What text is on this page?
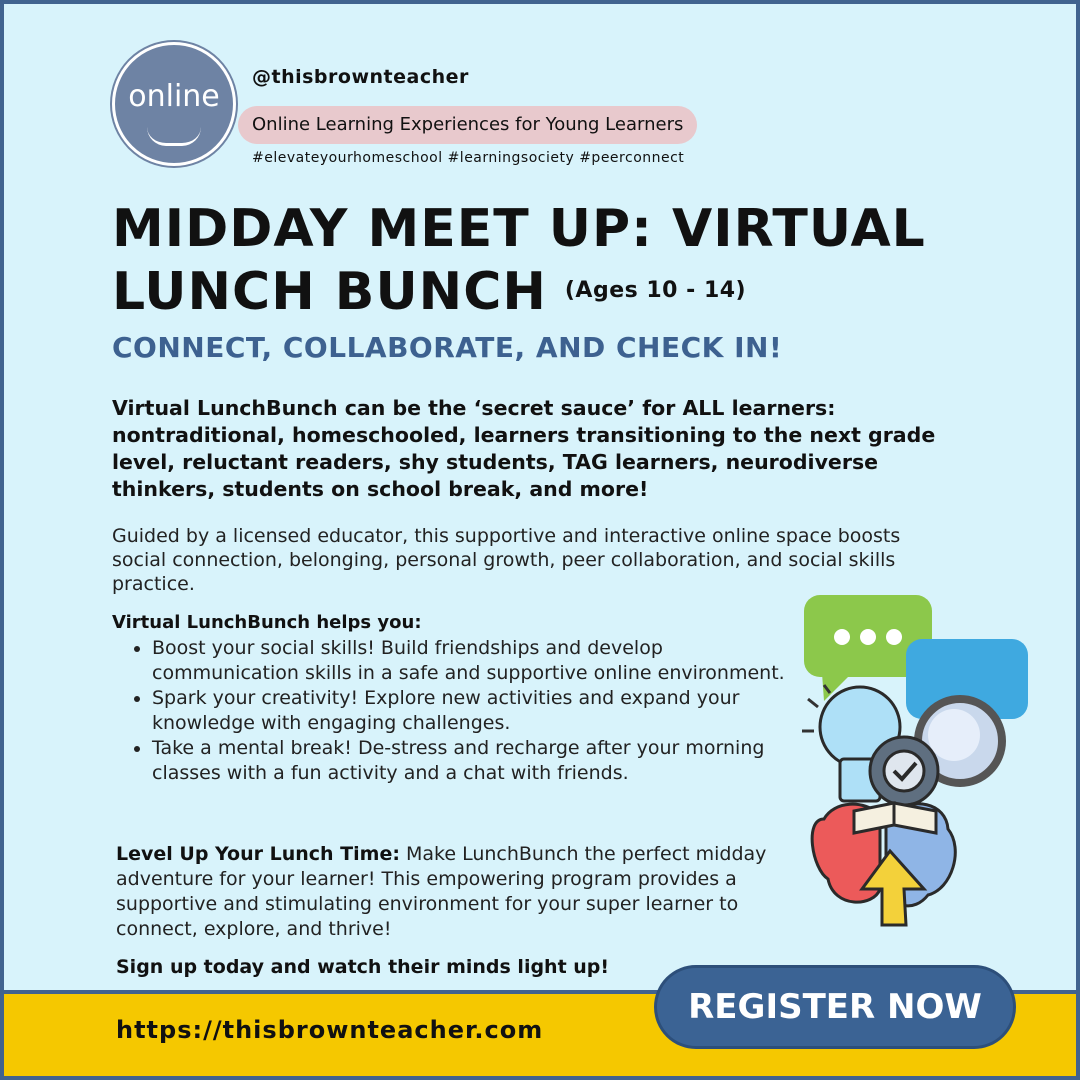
online
@thisbrownteacher
Online Learning Experiences for Young Learners
#elevateyourhomeschool #learningsociety #peerconnect
MIDDAY MEET UP: VIRTUAL
LUNCH BUNCH $^{(Ages 10 - 14)}$
CONNECT, COLLABORATE, AND CHECK IN!
Virtual LunchBunch can be the ‘secret sauce’ for ALL learners: nontraditional, homeschooled, learners transitioning to the next grade level, reluctant readers, shy students, TAG learners, neurodiverse thinkers, students on school break, and more!
Guided by a licensed educator, this supportive and interactive online space boosts social connection, belonging, personal growth, peer collaboration, and social skills practice.
Virtual LunchBunch helps you:
• Boost your social skills! Build friendships and develop communication skills in a safe and supportive online environment.
• Spark your creativity! Explore new activities and expand your knowledge with engaging challenges.
• Take a mental break! De-stress and recharge after your morning classes with a fun activity and a chat with friends.
Level Up Your Lunch Time: Make LunchBunch the perfect midday adventure for your learner! This empowering program provides a supportive and stimulating environment for your super learner to connect, explore, and thrive!
Sign up today and watch their minds light up!
https://thisbrownteacher.com
REGISTER NOW
